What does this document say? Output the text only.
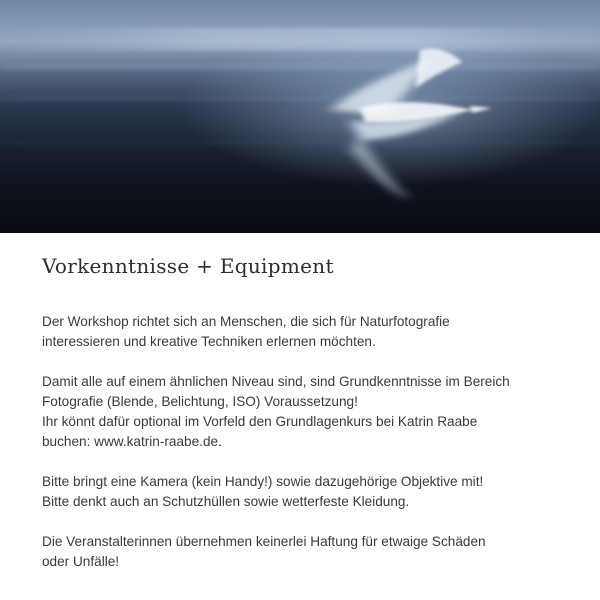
Vorkenntnisse + Equipment

Der Workshop richtet sich an Menschen, die sich für Naturfotografie
interessieren und kreative Techniken erlernen möchten.

Damit alle auf einem ähnlichen Niveau sind, sind Grundkenntnisse im Bereich
Fotografie (Blende, Belichtung, ISO) Voraussetzung!
Ihr könnt dafür optional im Vorfeld den Grundlagenkurs bei Katrin Raabe
buchen: www.katrin-raabe.de.

Bitte bringt eine Kamera (kein Handy!) sowie dazugehörige Objektive mit!
Bitte denkt auch an Schutzhüllen sowie wetterfeste Kleidung.

Die Veranstalterinnen übernehmen keinerlei Haftung für etwaige Schäden
oder Unfälle!
